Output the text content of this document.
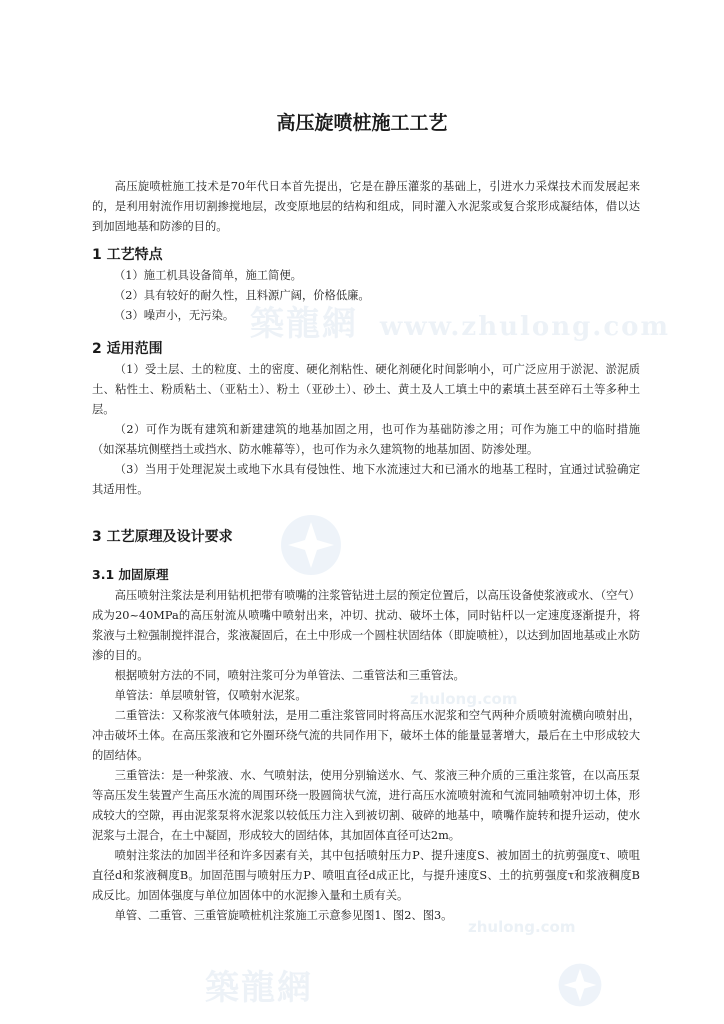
築龍網 www.zhulong.com
zhulong.com
zhulong.com
築龍網
高压旋喷桩施工工艺

高压旋喷桩施工技术是70年代日本首先提出，它是在静压灌浆的基础上，引进水力采煤技术而发展起来的，是利用射流作用切割掺搅地层，改变原地层的结构和组成，同时灌入水泥浆或复合浆形成凝结体，借以达到加固地基和防渗的目的。

1 工艺特点

（1）施工机具设备简单，施工简便。

（2）具有较好的耐久性，且料源广阔，价格低廉。

（3）噪声小，无污染。

2 适用范围

（1）受土层、土的粒度、土的密度、硬化剂粘性、硬化剂硬化时间影响小，可广泛应用于淤泥、淤泥质土、粘性土、粉质粘土、（亚粘土）、粉土（亚砂土）、砂土、黄土及人工填土中的素填土甚至碎石土等多种土层。

（2）可作为既有建筑和新建建筑的地基加固之用，也可作为基础防渗之用；可作为施工中的临时措施（如深基坑侧壁挡土或挡水、防水帷幕等），也可作为永久建筑物的地基加固、防渗处理。

（3）当用于处理泥炭土或地下水具有侵蚀性、地下水流速过大和已涌水的地基工程时，宜通过试验确定其适用性。

3 工艺原理及设计要求
3.1 加固原理

高压喷射注浆法是利用钻机把带有喷嘴的注浆管钻进土层的预定位置后，以高压设备使浆液或水、（空气）成为20~40MPa的高压射流从喷嘴中喷射出来，冲切、扰动、破坏土体，同时钻杆以一定速度逐渐提升，将浆液与土粒强制搅拌混合，浆液凝固后，在土中形成一个圆柱状固结体（即旋喷桩），以达到加固地基或止水防渗的目的。

根据喷射方法的不同，喷射注浆可分为单管法、二重管法和三重管法。

单管法：单层喷射管，仅喷射水泥浆。

二重管法：又称浆液气体喷射法，是用二重注浆管同时将高压水泥浆和空气两种介质喷射流横向喷射出，冲击破坏土体。在高压浆液和它外圈环绕气流的共同作用下，破坏土体的能量显著增大，最后在土中形成较大的固结体。

三重管法：是一种浆液、水、气喷射法，使用分别输送水、气、浆液三种介质的三重注浆管，在以高压泵等高压发生装置产生高压水流的周围环绕一股圆筒状气流，进行高压水流喷射流和气流同轴喷射冲切土体，形成较大的空隙，再由泥浆泵将水泥浆以较低压力注入到被切割、破碎的地基中，喷嘴作旋转和提升运动，使水泥浆与土混合，在土中凝固，形成较大的固结体，其加固体直径可达2m。

喷射注浆法的加固半径和许多因素有关，其中包括喷射压力P、提升速度S、被加固土的抗剪强度τ、喷咀直径d和浆液稠度B。加固范围与喷射压力P、喷咀直径d成正比，与提升速度S、土的抗剪强度τ和浆液稠度B成反比。加固体强度与单位加固体中的水泥掺入量和土质有关。

单管、二重管、三重管旋喷桩机注浆施工示意参见图1、图2、图3。
